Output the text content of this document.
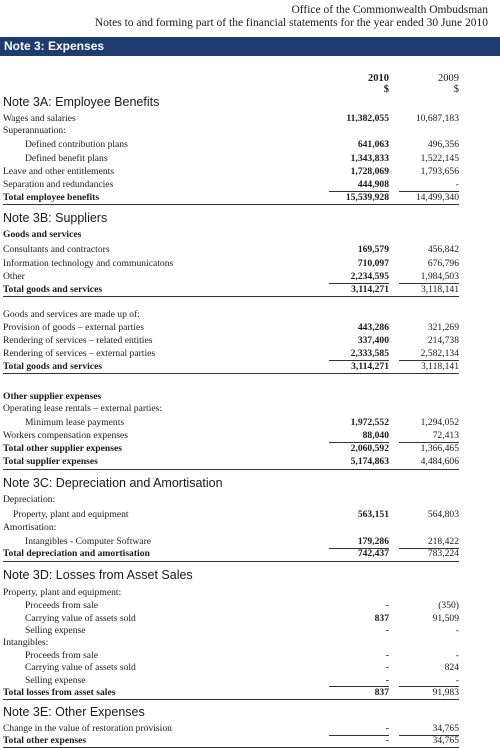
Office of the Commonwealth Ombudsman
Notes to and forming part of the financial statements for the year ended 30 June 2010
Note 3: Expenses
2010
$
2009
$
Note 3A: Employee Benefits
Wages and salaries	11,382,055	10,687,183
Superannuation:
Defined contribution plans	641,063	496,356
Defined benefit plans	1,343,833	1,522,145
Leave and other entitlements	1,728,069	1,793,656
Separation and redundancies	444,908	-
Total employee benefits	15,539,928	14,499,340
Note 3B: Suppliers
Goods and services
Consultants and contractors	169,579	456,842
Information technology and communicatons	710,097	676,796
Other	2,234,595	1,984,503
Total goods and services	3,114,271	3,118,141
Goods and services are made up of:
Provision of goods – external parties	443,286	321,269
Rendering of services – related entities	337,400	214,738
Rendering of services – external parties	2,333,585	2,582,134
Total goods and services	3,114,271	3,118,141
Other supplier expenses
Operating lease rentals – external parties:
Minimum lease payments	1,972,552	1,294,052
Workers compensation expenses	88,040	72,413
Total other supplier expenses	2,060,592	1,366,465
Total supplier expenses	5,174,863	4,484,606
Note 3C: Depreciation and Amortisation
Depreciation:
Property, plant and equipment	563,151	564,803
Amortisation:
Intangibles - Computer Software	179,286	218,422
Total depreciation and amortisation	742,437	783,224
Note 3D: Losses from Asset Sales
Property, plant and equipment:
Proceeds from sale	-	(350)
Carrying value of assets sold	837	91,509
Selling expense	-	-
Intangibles:
Proceeds from sale	-	-
Carrying value of assets sold	-	824
Selling expense	-	-
Total losses from asset sales	837	91,983
Note 3E: Other Expenses
Change in the value of restoration provision	-	34,765
Total other expenses	-	34,765
